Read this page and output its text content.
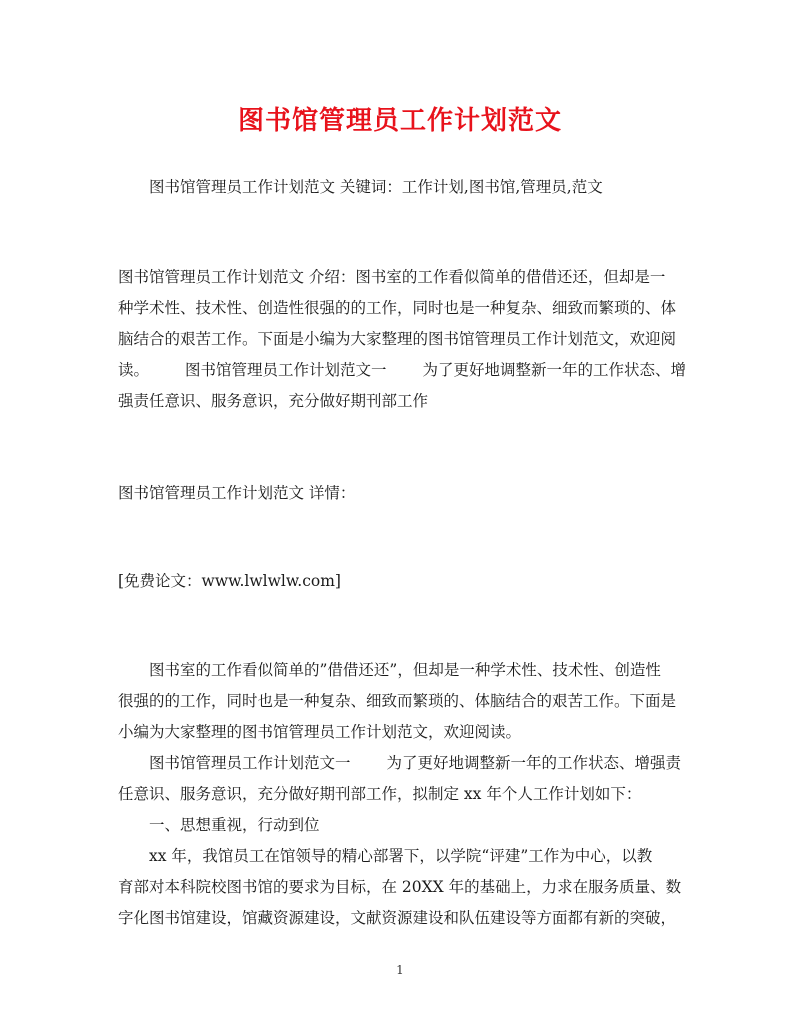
图书馆管理员工作计划范文

图书馆管理员工作计划范文 关键词：工作计划,图书馆,管理员,范文

图书馆管理员工作计划范文 介绍：图书室的工作看似简单的借借还还，但却是一
种学术性、技术性、创造性很强的的工作，同时也是一种复杂、细致而繁琐的、体
脑结合的艰苦工作。下面是小编为大家整理的图书馆管理员工作计划范文，欢迎阅
读。 图书馆管理员工作计划范文一 为了更好地调整新一年的工作状态、增
强责任意识、服务意识，充分做好期刊部工作

图书馆管理员工作计划范文 详情：

[免费论文：www.lwlwlw.com]

图书室的工作看似简单的”借借还还”，但却是一种学术性、技术性、创造性
很强的的工作，同时也是一种复杂、细致而繁琐的、体脑结合的艰苦工作。下面是
小编为大家整理的图书馆管理员工作计划范文，欢迎阅读。

图书馆管理员工作计划范文一 为了更好地调整新一年的工作状态、增强责
任意识、服务意识，充分做好期刊部工作，拟制定 xx 年个人工作计划如下：
一、思想重视，行动到位

xx 年，我馆员工在馆领导的精心部署下，以学院“评建”工作为中心，以教
育部对本科院校图书馆的要求为目标，在 20XX 年的基础上，力求在服务质量、数
字化图书馆建设，馆藏资源建设，文献资源建设和队伍建设等方面都有新的突破，

1
